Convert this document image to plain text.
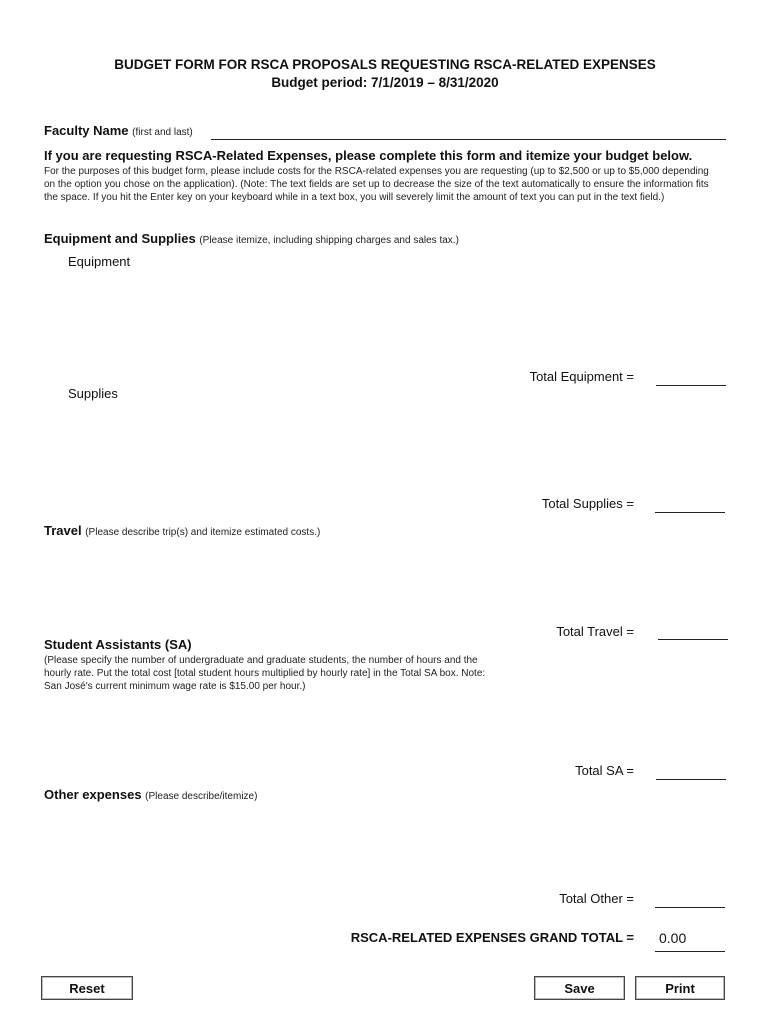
BUDGET FORM FOR RSCA PROPOSALS REQUESTING RSCA-RELATED EXPENSES
Budget period: 7/1/2019 – 8/31/2020
Faculty Name (first and last)
If you are requesting RSCA-Related Expenses, please complete this form and itemize your budget below.
For the purposes of this budget form, please include costs for the RSCA-related expenses you are requesting (up to $2,500 or up to $5,000 depending on the option you chose on the application). (Note: The text fields are set up to decrease the size of the text automatically to ensure the information fits the space. If you hit the Enter key on your keyboard while in a text box, you will severely limit the amount of text you can put in the text field.)
Equipment and Supplies (Please itemize, including shipping charges and sales tax.)
Equipment
Total Equipment =
Supplies
Total Supplies =
Travel (Please describe trip(s) and itemize estimated costs.)
Total Travel =
Student Assistants (SA)
(Please specify the number of undergraduate and graduate students, the number of hours and the hourly rate. Put the total cost [total student hours multiplied by hourly rate] in the Total SA box. Note: San José's current minimum wage rate is $15.00 per hour.)
Total SA =
Other expenses (Please describe/itemize)
Total Other =
RSCA-RELATED EXPENSES GRAND TOTAL = 0.00
Reset	Save	Print
